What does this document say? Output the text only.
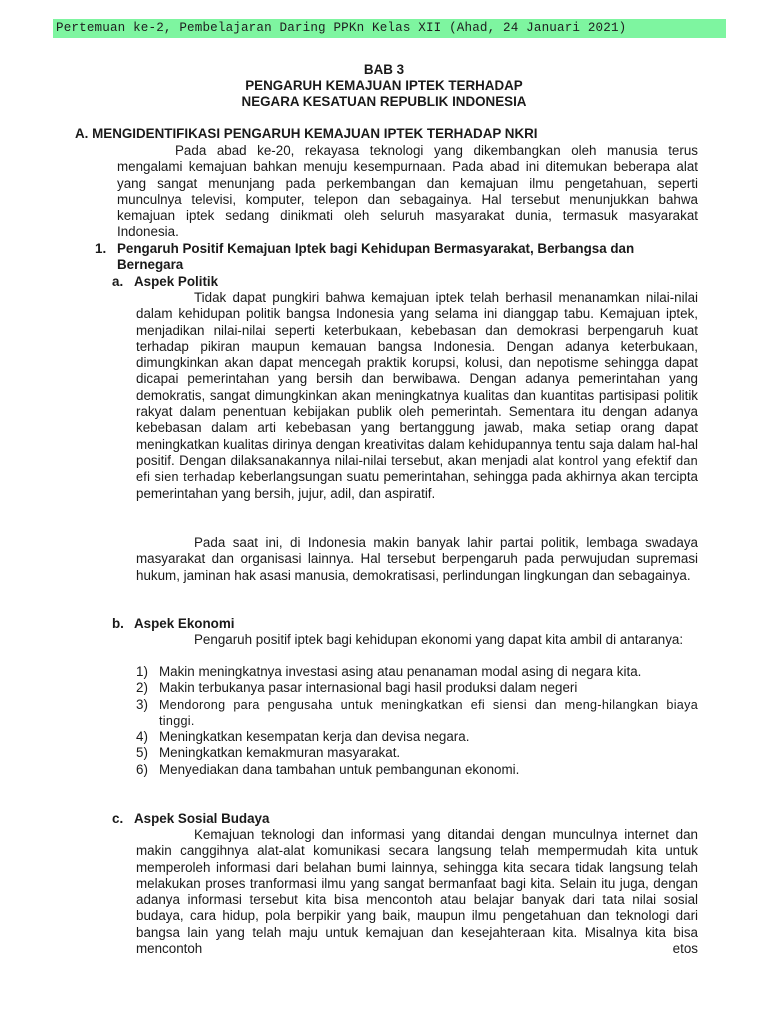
Pertemuan ke-2, Pembelajaran Daring PPKn Kelas XII (Ahad, 24 Januari 2021)
BAB 3
PENGARUH KEMAJUAN IPTEK TERHADAP
NEGARA KESATUAN REPUBLIK INDONESIA
A. MENGIDENTIFIKASI PENGARUH KEMAJUAN IPTEK TERHADAP NKRI

Pada abad ke-20, rekayasa teknologi yang dikembangkan oleh manusia terus mengalami kemajuan bahkan menuju kesempurnaan. Pada abad ini ditemukan beberapa alat yang sangat menunjang pada perkembangan dan kemajuan ilmu pengetahuan, seperti munculnya televisi, komputer, telepon dan sebagainya. Hal tersebut menunjukkan bahwa kemajuan iptek sedang dinikmati oleh seluruh masyarakat dunia, termasuk masyarakat Indonesia.

1. Pengaruh Positif Kemajuan Iptek bagi Kehidupan Bermasyarakat, Berbangsa dan
Bernegara
a. Aspek Politik

Tidak dapat pungkiri bahwa kemajuan iptek telah berhasil menanamkan nilai-nilai dalam kehidupan politik bangsa Indonesia yang selama ini dianggap tabu. Kemajuan iptek, menjadikan nilai-nilai seperti keterbukaan, kebebasan dan demokrasi berpengaruh kuat terhadap pikiran maupun kemauan bangsa Indonesia. Dengan adanya keterbukaan, dimungkinkan akan dapat mencegah praktik korupsi, kolusi, dan nepotisme sehingga dapat dicapai pemerintahan yang bersih dan berwibawa. Dengan adanya pemerintahan yang demokratis, sangat dimungkinkan akan meningkatnya kualitas dan kuantitas partisipasi politik rakyat dalam penentuan kebijakan publik oleh pemerintah. Sementara itu dengan adanya kebebasan dalam arti kebebasan yang bertanggung jawab, maka setiap orang dapat meningkatkan kualitas dirinya dengan kreativitas dalam kehidupannya tentu saja dalam hal-hal positif. Dengan dilaksanakannya nilai-nilai tersebut, akan menjadi alat kontrol yang efektif dan efi sien terhadap keberlangsungan suatu pemerintahan, sehingga pada akhirnya akan tercipta pemerintahan yang bersih, jujur, adil, dan aspiratif.

Pada saat ini, di Indonesia makin banyak lahir partai politik, lembaga swadaya masyarakat dan organisasi lainnya. Hal tersebut berpengaruh pada perwujudan supremasi hukum, jaminan hak asasi manusia, demokratisasi, perlindungan lingkungan dan sebagainya.

b. Aspek Ekonomi

Pengaruh positif iptek bagi kehidupan ekonomi yang dapat kita ambil di antaranya:

1) Makin meningkatnya investasi asing atau penanaman modal asing di negara kita.
2) Makin terbukanya pasar internasional bagi hasil produksi dalam negeri
3) Mendorong para pengusaha untuk meningkatkan efi siensi dan meng-hilangkan biaya tinggi.
4) Meningkatkan kesempatan kerja dan devisa negara.
5) Meningkatkan kemakmuran masyarakat.
6) Menyediakan dana tambahan untuk pembangunan ekonomi.
c. Aspek Sosial Budaya

Kemajuan teknologi dan informasi yang ditandai dengan munculnya internet dan makin canggihnya alat-alat komunikasi secara langsung telah mempermudah kita untuk memperoleh informasi dari belahan bumi lainnya, sehingga kita secara tidak langsung telah melakukan proses tranformasi ilmu yang sangat bermanfaat bagi kita. Selain itu juga, dengan adanya informasi tersebut kita bisa mencontoh atau belajar banyak dari tata nilai sosial budaya, cara hidup, pola berpikir yang baik, maupun ilmu pengetahuan dan teknologi dari bangsa lain yang telah maju untuk kemajuan dan kesejahteraan kita. Misalnya kita bisa mencontoh etos
